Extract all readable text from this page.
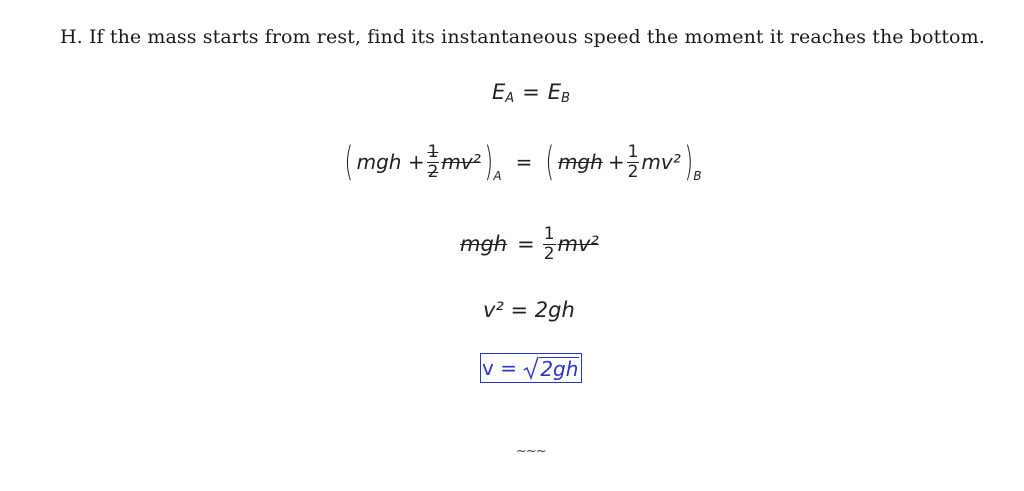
H. If the mass starts from rest, find its instantaneous speed the moment it reaches the bottom.
E A = E B
( mgh + $\frac{1}{2} mv^2$ ) A
= ( mgh + $\frac{1}{2} mv^2$ ) B
mgh = $\frac{1}{2} mv^2$
v² = 2gh
v = 2gh
~~~
